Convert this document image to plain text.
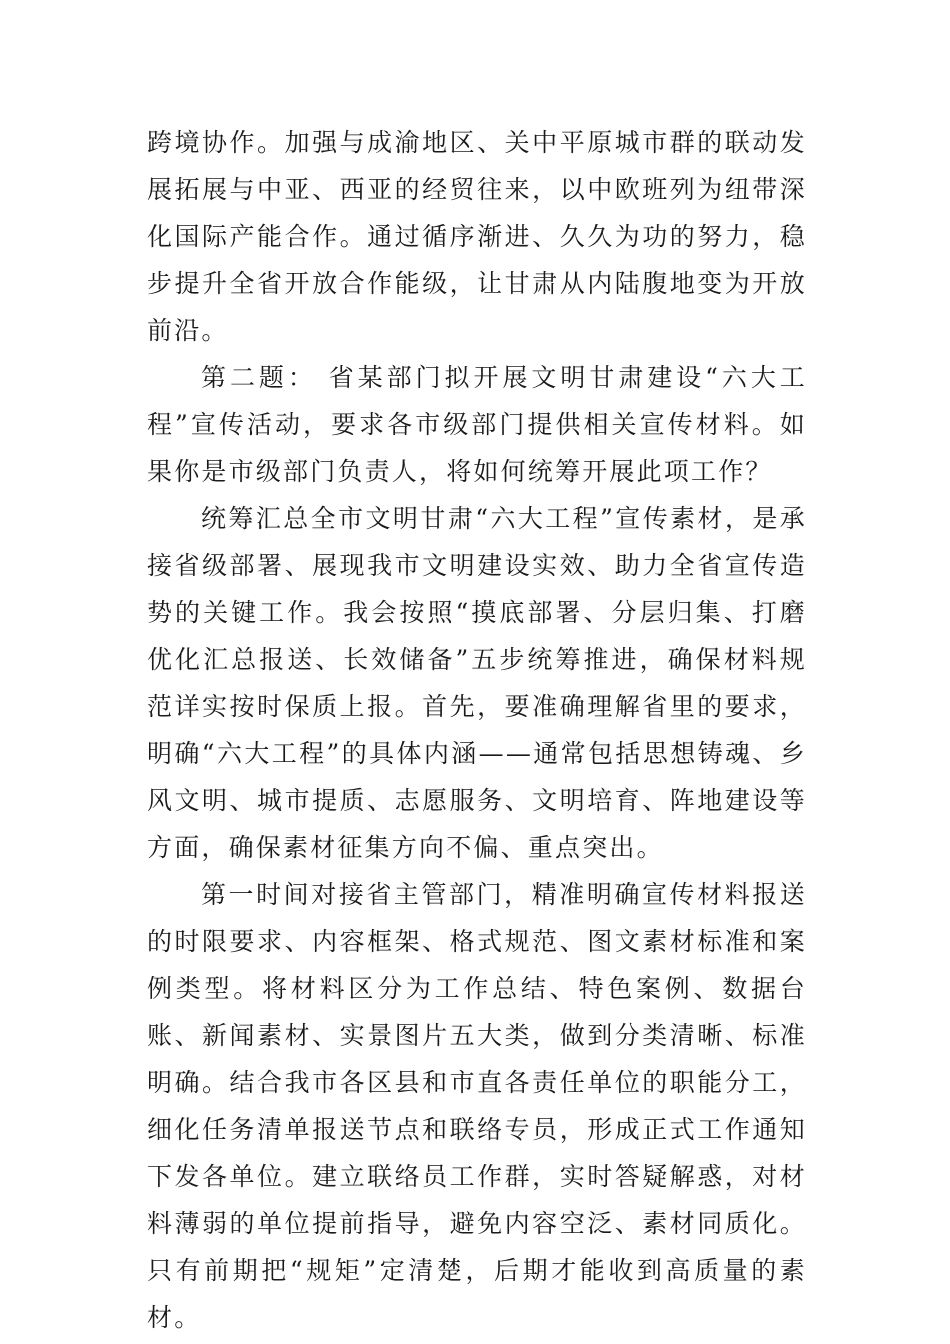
跨境协作。加强与成渝地区、关中平原城市群的联动发展拓展与中亚、西亚的经贸往来，以中欧班列为纽带深化国际产能合作。通过循序渐进、久久为功的努力，稳步提升全省开放合作能级，让甘肃从内陆腹地变为开放前沿。

第二题： 省某部门拟开展文明甘肃建设“六大工程”宣传活动，要求各市级部门提供相关宣传材料。如果你是市级部门负责人，将如何统筹开展此项工作？

统筹汇总全市文明甘肃“六大工程”宣传素材，是承接省级部署、展现我市文明建设实效、助力全省宣传造势的关键工作。我会按照“摸底部署、分层归集、打磨优化汇总报送、长效储备”五步统筹推进，确保材料规范详实按时保质上报。首先，要准确理解省里的要求，明确“六大工程”的具体内涵——通常包括思想铸魂、乡风文明、城市提质、志愿服务、文明培育、阵地建设等方面，确保素材征集方向不偏、重点突出。

第一时间对接省主管部门，精准明确宣传材料报送的时限要求、内容框架、格式规范、图文素材标准和案例类型。将材料区分为工作总结、特色案例、数据台账、新闻素材、实景图片五大类，做到分类清晰、标准明确。结合我市各区县和市直各责任单位的职能分工，细化任务清单报送节点和联络专员，形成正式工作通知下发各单位。建立联络员工作群，实时答疑解惑，对材料薄弱的单位提前指导，避免内容空泛、素材同质化。只有前期把“规矩”定清楚，后期才能收到高质量的素材。
